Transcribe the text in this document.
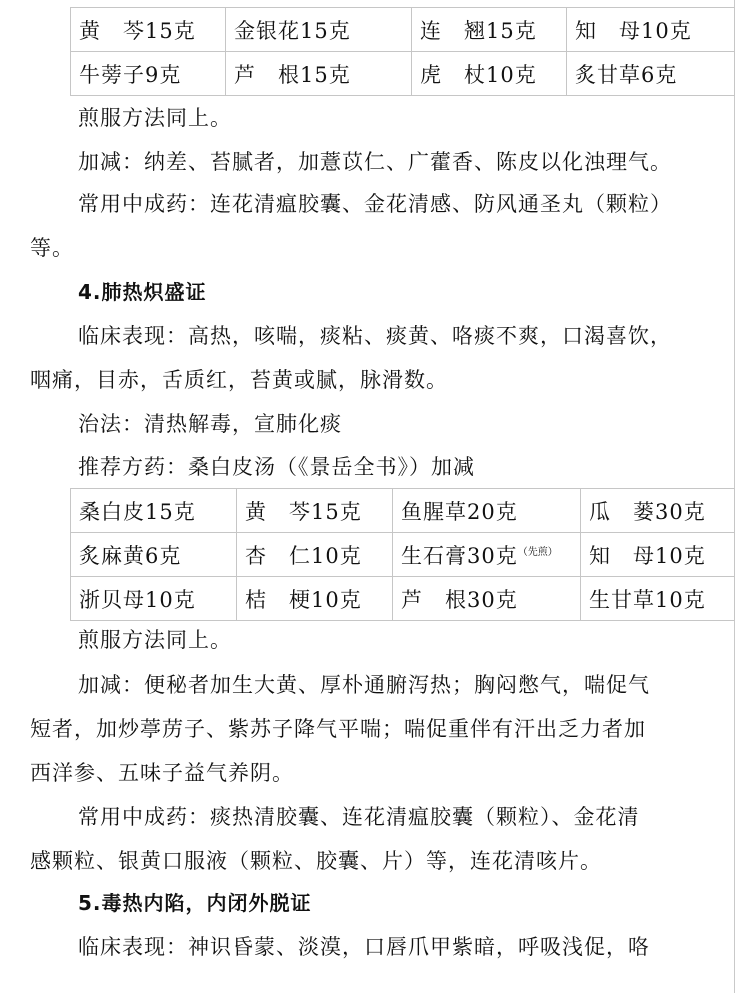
黄　芩15克	金银花15克	连　翘15克	知　母10克
牛蒡子9克	芦　根15克	虎　杖10克	炙甘草6克
煎服方法同上。
加减：纳差、苔腻者，加薏苡仁、广藿香、陈皮以化浊理气。
常用中成药：连花清瘟胶囊、金花清感、防风通圣丸（颗粒）
等。
4.肺热炽盛证
临床表现：高热，咳喘，痰粘、痰黄、咯痰不爽，口渴喜饮，
咽痛，目赤，舌质红，苔黄或腻，脉滑数。
治法：清热解毒，宣肺化痰
推荐方药：桑白皮汤（《景岳全书》）加减
桑白皮15克	黄　芩15克	鱼腥草20克	瓜　蒌30克
炙麻黄6克	杏　仁10克	生石膏30克$^{(先煎)}$	知　母10克
浙贝母10克	桔　梗10克	芦　根30克	生甘草10克
煎服方法同上。
加减：便秘者加生大黄、厚朴通腑泻热；胸闷憋气，喘促气
短者，加炒葶苈子、紫苏子降气平喘；喘促重伴有汗出乏力者加
西洋参、五味子益气养阴。
常用中成药：痰热清胶囊、连花清瘟胶囊（颗粒）、金花清
感颗粒、银黄口服液（颗粒、胶囊、片）等，连花清咳片。
5.毒热内陷，内闭外脱证
临床表现：神识昏蒙、淡漠，口唇爪甲紫暗，呼吸浅促，咯
